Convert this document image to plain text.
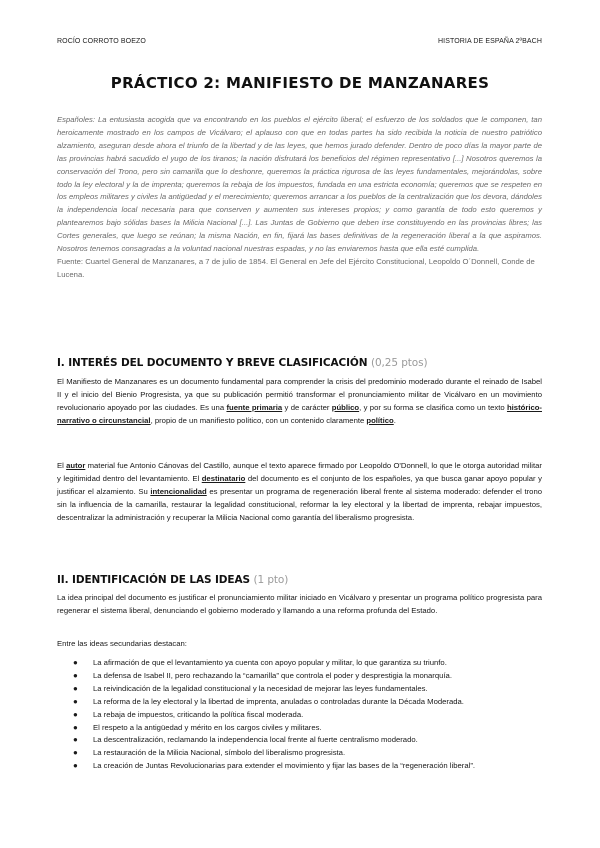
ROCÍO CORROTO BOEZO	HISTORIA DE ESPAÑA 2ºBACH
PRÁCTICO 2: MANIFIESTO DE MANZANARES
Españoles: La entusiasta acogida que va encontrando en los pueblos el ejército liberal; el esfuerzo de los soldados que le componen, tan heroicamente mostrado en los campos de Vicálvaro; el aplauso con que en todas partes ha sido recibida la noticia de nuestro patriótico alzamiento, aseguran desde ahora el triunfo de la libertad y de las leyes, que hemos jurado defender. Dentro de poco días la mayor parte de las provincias habrá sacudido el yugo de los tiranos; la nación disfrutará los beneficios del régimen representativo [...] Nosotros queremos la conservación del Trono, pero sin camarilla que lo deshonre, queremos la práctica rigurosa de las leyes fundamentales, mejorándolas, sobre todo la ley electoral y la de imprenta; queremos la rebaja de los impuestos, fundada en una estricta economía; queremos que se respeten en los empleos militares y civiles la antigüedad y el merecimiento; queremos arrancar a los pueblos de la centralización que los devora, dándoles la independencia local necesaria para que conserven y aumenten sus intereses propios; y como garantía de todo esto queremos y plantearemos bajo sólidas bases la Milicia Nacional [...]. Las Juntas de Gobierno que deben irse constituyendo en las provincias libres; las Cortes generales, que luego se reúnan; la misma Nación, en fin, fijará las bases definitivas de la regeneración liberal a la que aspiramos. Nosotros tenemos consagradas a la voluntad nacional nuestras espadas, y no las enviaremos hasta que ella esté cumplida.
Fuente: Cuartel General de Manzanares, a 7 de julio de 1854. El General en Jefe del Ejército Constitucional, Leopoldo O´Donnell, Conde de Lucena.
I. INTERÉS DEL DOCUMENTO Y BREVE CLASIFICACIÓN (0,25 ptos)

El Manifiesto de Manzanares es un documento fundamental para comprender la crisis del predominio moderado durante el reinado de Isabel II y el inicio del Bienio Progresista, ya que su publicación permitió transformar el pronunciamiento militar de Vicálvaro en un movimiento revolucionario apoyado por las ciudades. Es una fuente primaria y de carácter público, y por su forma se clasifica como un texto histórico-narrativo o circunstancial, propio de un manifiesto político, con un contenido claramente político.

El autor material fue Antonio Cánovas del Castillo, aunque el texto aparece firmado por Leopoldo O'Donnell, lo que le otorga autoridad militar y legitimidad dentro del levantamiento. El destinatario del documento es el conjunto de los españoles, ya que busca ganar apoyo popular y justificar el alzamiento. Su intencionalidad es presentar un programa de regeneración liberal frente al sistema moderado: defender el trono sin la influencia de la camarilla, restaurar la legalidad constitucional, reformar la ley electoral y la libertad de imprenta, rebajar impuestos, descentralizar la administración y recuperar la Milicia Nacional como garantía del liberalismo progresista.

II. IDENTIFICACIÓN DE LAS IDEAS (1 pto)

La idea principal del documento es justificar el pronunciamiento militar iniciado en Vicálvaro y presentar un programa político progresista para regenerar el sistema liberal, denunciando el gobierno moderado y llamando a una reforma profunda del Estado.

Entre las ideas secundarias destacan:

● La afirmación de que el levantamiento ya cuenta con apoyo popular y militar, lo que garantiza su triunfo.
● La defensa de Isabel II, pero rechazando la “camarilla” que controla el poder y desprestigia la monarquía.
● La reivindicación de la legalidad constitucional y la necesidad de mejorar las leyes fundamentales.
● La reforma de la ley electoral y la libertad de imprenta, anuladas o controladas durante la Década Moderada.
● La rebaja de impuestos, criticando la política fiscal moderada.
● El respeto a la antigüedad y mérito en los cargos civiles y militares.
● La descentralización, reclamando la independencia local frente al fuerte centralismo moderado.
● La restauración de la Milicia Nacional, símbolo del liberalismo progresista.
● La creación de Juntas Revolucionarias para extender el movimiento y fijar las bases de la “regeneración liberal”.
